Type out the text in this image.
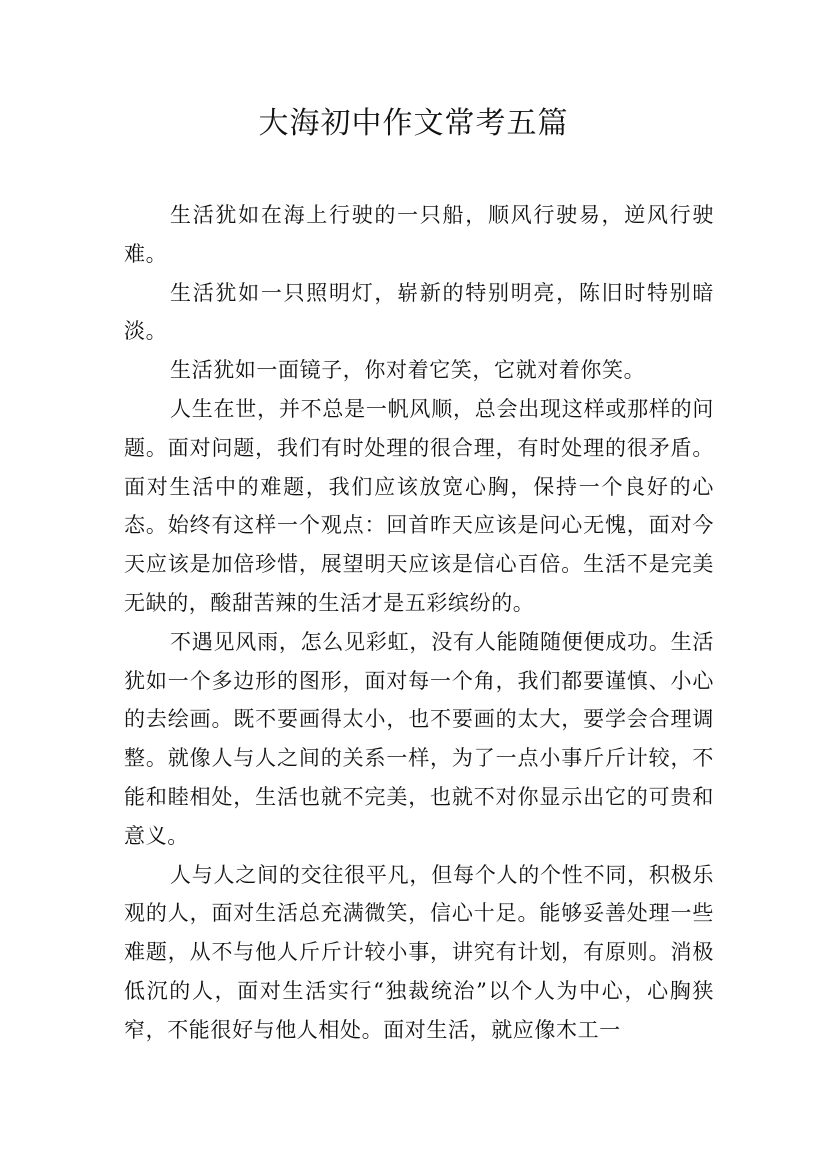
大海初中作文常考五篇

生活犹如在海上行驶的一只船，顺风行驶易，逆风行驶难。

生活犹如一只照明灯，崭新的特别明亮，陈旧时特别暗淡。

生活犹如一面镜子，你对着它笑，它就对着你笑。

人生在世，并不总是一帆风顺，总会出现这样或那样的问题。面对问题，我们有时处理的很合理，有时处理的很矛盾。面对生活中的难题，我们应该放宽心胸，保持一个良好的心态。始终有这样一个观点：回首昨天应该是问心无愧，面对今天应该是加倍珍惜，展望明天应该是信心百倍。生活不是完美无缺的，酸甜苦辣的生活才是五彩缤纷的。

不遇见风雨，怎么见彩虹，没有人能随随便便成功。生活犹如一个多边形的图形，面对每一个角，我们都要谨慎、小心的去绘画。既不要画得太小，也不要画的太大，要学会合理调整。就像人与人之间的关系一样，为了一点小事斤斤计较，不能和睦相处，生活也就不完美，也就不对你显示出它的可贵和意义。

人与人之间的交往很平凡，但每个人的个性不同，积极乐观的人，面对生活总充满微笑，信心十足。能够妥善处理一些难题，从不与他人斤斤计较小事，讲究有计划，有原则。消极低沉的人，面对生活实行“独裁统治”以个人为中心，心胸狭窄，不能很好与他人相处。面对生活，就应像木工一
